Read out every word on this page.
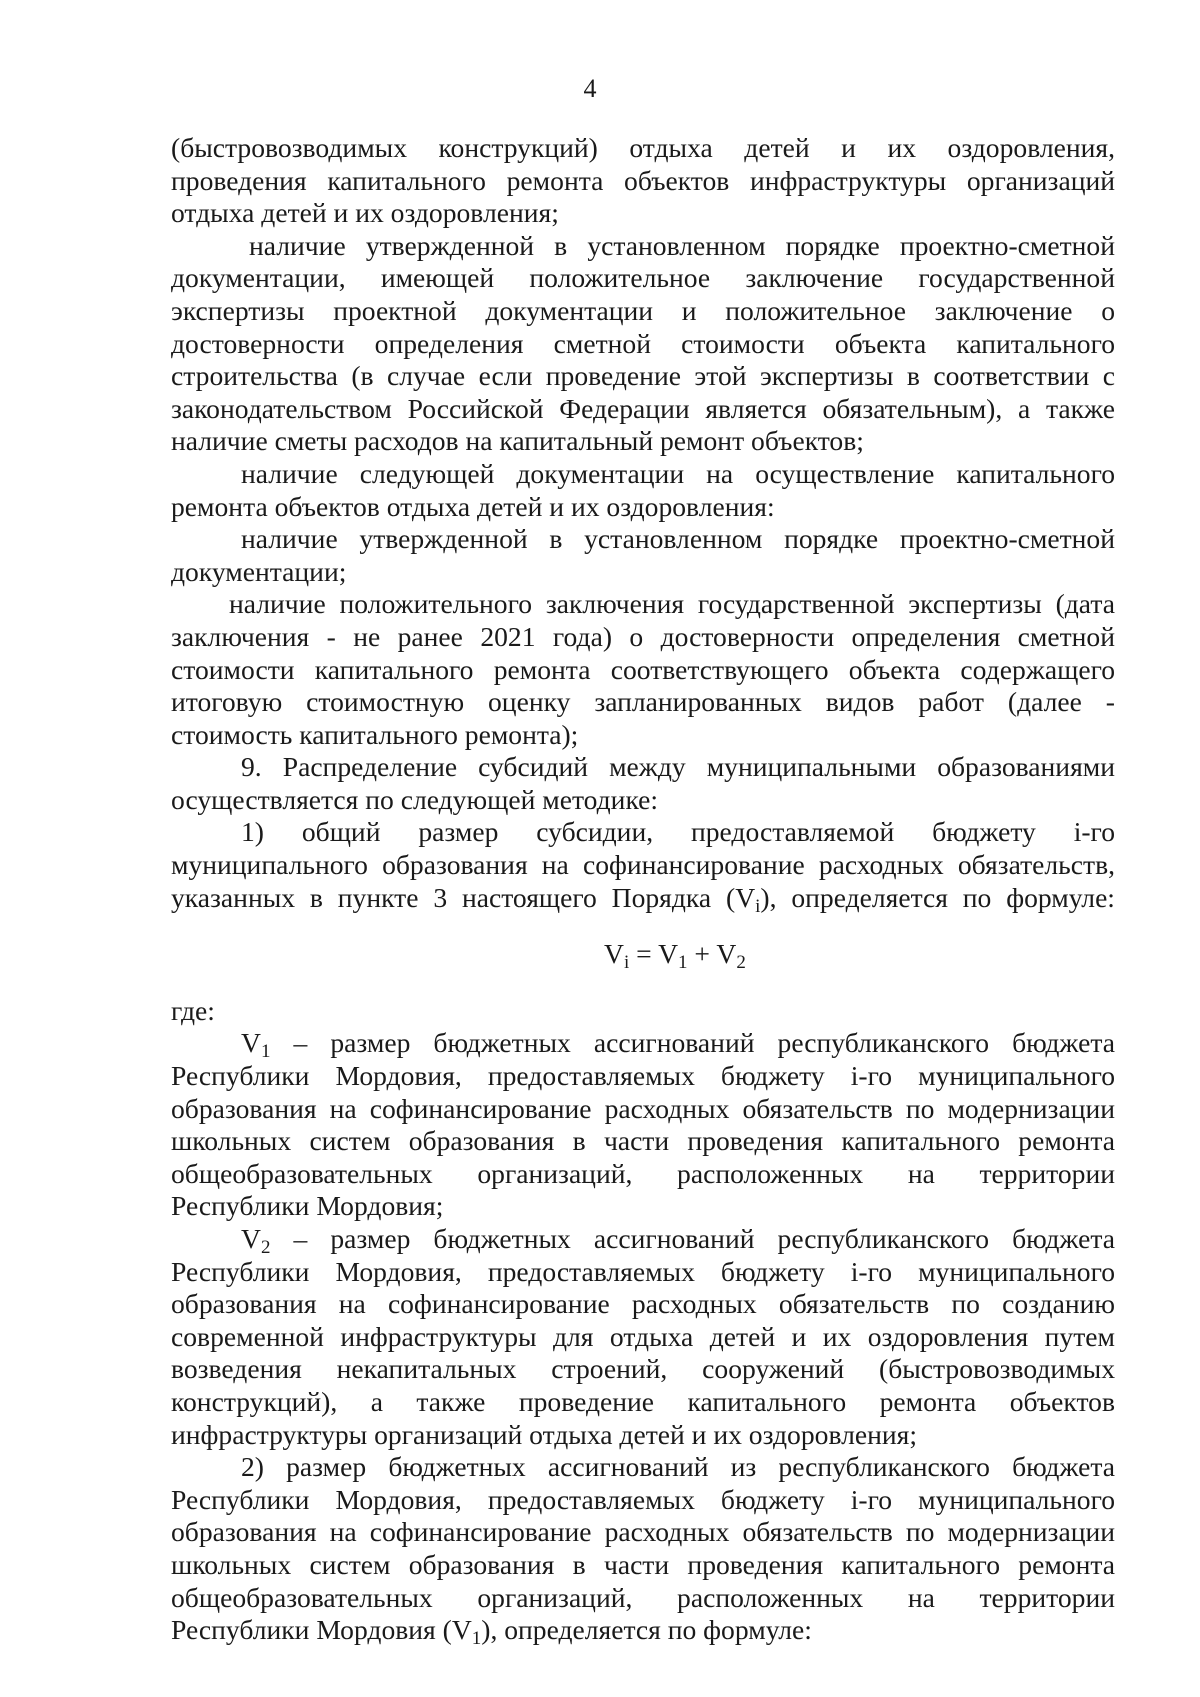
4
(быстровозводимых конструкций) отдыха детей и их оздоровления,
проведения капитального ремонта объектов инфраструктуры организаций
отдыха детей и их оздоровления;
наличие утвержденной в установленном порядке проектно-сметной
документации, имеющей положительное заключение государственной
экспертизы проектной документации и положительное заключение о
достоверности определения сметной стоимости объекта капитального
строительства (в случае если проведение этой экспертизы в соответствии с
законодательством Российской Федерации является обязательным), а также
наличие сметы расходов на капитальный ремонт объектов;
наличие следующей документации на осуществление капитального
ремонта объектов отдыха детей и их оздоровления:
наличие утвержденной в установленном порядке проектно-сметной
документации;
наличие положительного заключения государственной экспертизы (дата
заключения - не ранее 2021 года) о достоверности определения сметной
стоимости капитального ремонта соответствующего объекта содержащего
итоговую стоимостную оценку запланированных видов работ (далее -
стоимость капитального ремонта);
9. Распределение субсидий между муниципальными образованиями
осуществляется по следующей методике:
1) общий размер субсидии, предоставляемой бюджету i-го
муниципального образования на софинансирование расходных обязательств,
указанных в пункте 3 настоящего Порядка $(V_i)$, определяется по формуле:
$V_i = V_1 + V_2$
где:
$V_1$ – размер бюджетных ассигнований республиканского бюджета
Республики Мордовия, предоставляемых бюджету i-го муниципального
образования на софинансирование расходных обязательств по модернизации
школьных систем образования в части проведения капитального ремонта
общеобразовательных организаций, расположенных на территории
Республики Мордовия;
$V_2$ – размер бюджетных ассигнований республиканского бюджета
Республики Мордовия, предоставляемых бюджету i-го муниципального
образования на софинансирование расходных обязательств по созданию
современной инфраструктуры для отдыха детей и их оздоровления путем
возведения некапитальных строений, сооружений (быстровозводимых
конструкций), а также проведение капитального ремонта объектов
инфраструктуры организаций отдыха детей и их оздоровления;
2) размер бюджетных ассигнований из республиканского бюджета
Республики Мордовия, предоставляемых бюджету i-го муниципального
образования на софинансирование расходных обязательств по модернизации
школьных систем образования в части проведения капитального ремонта
общеобразовательных организаций, расположенных на территории
Республики Мордовия $(V_1)$, определяется по формуле:
